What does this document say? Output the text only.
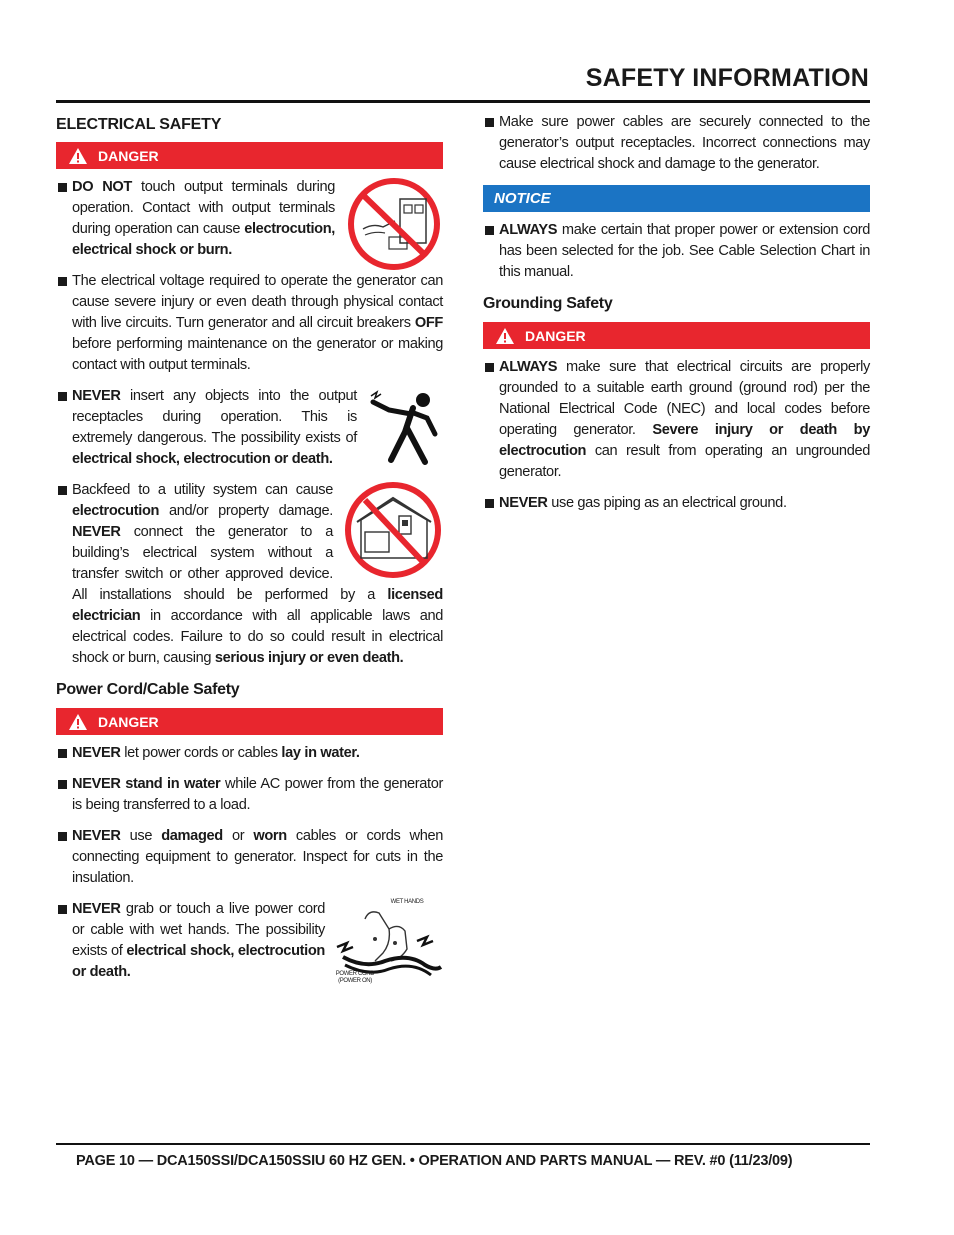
SAFETY INFORMATION
ELECTRICAL SAFETY
DANGER
DO NOT touch output terminals during operation. Contact with output terminals during operation can cause electrocution, electrical shock or burn.
The electrical voltage required to operate the generator can cause severe injury or even death through physical contact with live circuits. Turn generator and all circuit breakers OFF before performing maintenance on the generator or making contact with output terminals.
NEVER insert any objects into the output receptacles during operation. This is extremely dangerous. The possibility exists of electrical shock, electrocution or death.
Backfeed to a utility system can cause electrocution and/or property damage. NEVER connect the generator to a building’s electrical system without a transfer switch or other approved device. All installations should be performed by a licensed electrician in accordance with all applicable laws and electrical codes. Failure to do so could result in electrical shock or burn, causing serious injury or even death.
Power Cord/Cable Safety
DANGER
NEVER let power cords or cables lay in water.
NEVER stand in water while AC power from the generator is being transferred to a load.
NEVER use damaged or worn cables or cords when connecting equipment to generator. Inspect for cuts in the insulation.
WET HANDS
POWER CORD (POWER ON)
NEVER grab or touch a live power cord or cable with wet hands. The possibility exists of electrical shock, electrocution or death.
Make sure power cables are securely connected to the generator’s output receptacles. Incorrect connections may cause electrical shock and damage to the generator.
NOTICE
ALWAYS make certain that proper power or extension cord has been selected for the job. See Cable Selection Chart in this manual.
Grounding Safety
DANGER
ALWAYS make sure that electrical circuits are properly grounded to a suitable earth ground (ground rod) per the National Electrical Code (NEC) and local codes before operating generator. Severe injury or death by electrocution can result from operating an ungrounded generator.
NEVER use gas piping as an electrical ground.
PAGE 10 — DCA150SSI/DCA150SSIU 60 HZ GEN. • OPERATION AND PARTS MANUAL — REV. #0 (11/23/09)
